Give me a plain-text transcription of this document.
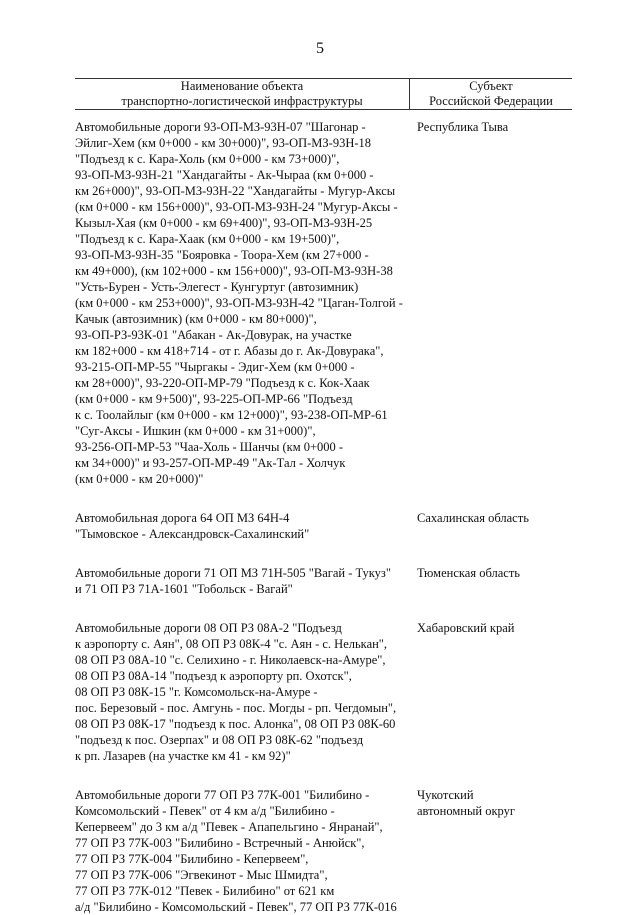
5
Наименование объекта
транспортно-логистической инфраструктуры
Субъект
Российской Федерации
Автомобильные дороги 93-ОП-МЗ-93Н-07 "Шагонар -
Эйлиг-Хем (км 0+000 - км 30+000)", 93-ОП-МЗ-93Н-18
"Подъезд к с. Кара-Холь (км 0+000 - км 73+000)",
93-ОП-МЗ-93Н-21 "Хандагайты - Ак-Чыраа (км 0+000 -
км 26+000)", 93-ОП-МЗ-93Н-22 "Хандагайты - Мугур-Аксы
(км 0+000 - км 156+000)", 93-ОП-МЗ-93Н-24 "Мугур-Аксы -
Кызыл-Хая (км 0+000 - км 69+400)", 93-ОП-МЗ-93Н-25
"Подъезд к с. Кара-Хаак (км 0+000 - км 19+500)",
93-ОП-МЗ-93Н-35 "Бояровка - Тоора-Хем (км 27+000 -
км 49+000), (км 102+000 - км 156+000)", 93-ОП-МЗ-93Н-38
"Усть-Бурен - Усть-Элегест - Кунгуртуг (автозимник)
(км 0+000 - км 253+000)", 93-ОП-МЗ-93Н-42 "Цаган-Толгой -
Качык (автозимник) (км 0+000 - км 80+000)",
93-ОП-РЗ-93К-01 "Абакан - Ак-Довурак, на участке
км 182+000 - км 418+714 - от г. Абазы до г. Ак-Довурака",
93-215-ОП-МР-55 "Чыргакы - Эдиг-Хем (км 0+000 -
км 28+000)", 93-220-ОП-МР-79 "Подъезд к с. Кок-Хаак
(км 0+000 - км 9+500)", 93-225-ОП-МР-66 "Подъезд
к с. Тоолайлыг (км 0+000 - км 12+000)", 93-238-ОП-МР-61
"Суг-Аксы - Ишкин (км 0+000 - км 31+000)",
93-256-ОП-МР-53 "Чаа-Холь - Шанчы (км 0+000 -
км 34+000)" и 93-257-ОП-МР-49 "Ак-Тал - Холчук
(км 0+000 - км 20+000)"
Республика Тыва
Автомобильная дорога 64 ОП МЗ 64Н-4
"Тымовское - Александровск-Сахалинский"
Сахалинская область
Автомобильные дороги 71 ОП МЗ 71Н-505 "Вагай - Тукуз"
и 71 ОП РЗ 71А-1601 "Тобольск - Вагай"
Тюменская область
Автомобильные дороги 08 ОП РЗ 08А-2 "Подъезд
к аэропорту с. Аян", 08 ОП РЗ 08К-4 "с. Аян - с. Нелькан",
08 ОП РЗ 08А-10 "с. Селихино - г. Николаевск-на-Амуре",
08 ОП РЗ 08А-14 "подъезд к аэропорту рп. Охотск",
08 ОП РЗ 08К-15 "г. Комсомольск-на-Амуре -
пос. Березовый - пос. Амгунь - пос. Могды - рп. Чегдомын",
08 ОП РЗ 08К-17 "подъезд к пос. Алонка", 08 ОП РЗ 08К-60
"подъезд к пос. Озерпах" и 08 ОП РЗ 08К-62 "подъезд
к рп. Лазарев (на участке км 41 - км 92)"
Хабаровский край
Автомобильные дороги 77 ОП РЗ 77К-001 "Билибино -
Комсомольский - Певек" от 4 км а/д "Билибино -
Кепервеем" до 3 км а/д "Певек - Апапельгино - Янранай",
77 ОП РЗ 77К-003 "Билибино - Встречный - Анюйск",
77 ОП РЗ 77К-004 "Билибино - Кепервеем",
77 ОП РЗ 77К-006 "Эгвекинот - Мыс Шмидта",
77 ОП РЗ 77К-012 "Певек - Билибино" от 621 км
а/д "Билибино - Комсомольский - Певек", 77 ОП РЗ 77К-016
Чукотский
автономный округ
